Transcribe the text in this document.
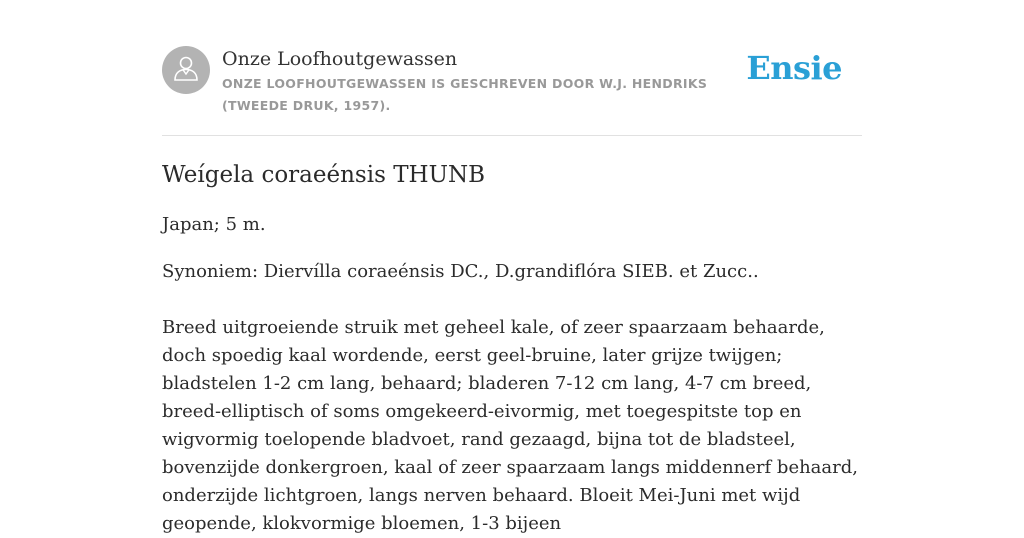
Onze Loofhoutgewassen

ONZE LOOFHOUTGEWASSEN IS GESCHREVEN DOOR W.J. HENDRIKS (TWEEDE DRUK, 1957).

Ensie
Weígela coraeénsis THUNB

Japan; 5 m.

Synoniem: Diervílla coraeénsis DC., D.grandiflóra SIEB. et Zucc..

Breed uitgroeiende struik met geheel kale, of zeer spaarzaam behaarde, doch spoedig kaal wordende, eerst geel-bruine, later grijze twijgen; bladstelen 1-2 cm lang, behaard; bladeren 7-12 cm lang, 4-7 cm breed, breed-elliptisch of soms omgekeerd-eivormig, met toegespitste top en wigvormig toelopende bladvoet, rand gezaagd, bijna tot de bladsteel, bovenzijde donkergroen, kaal of zeer spaarzaam langs middennerf behaard, onderzijde lichtgroen, langs nerven behaard. Bloeit Mei-Juni met wijd geopende, klokvormige bloemen, 1-3 bijeen
